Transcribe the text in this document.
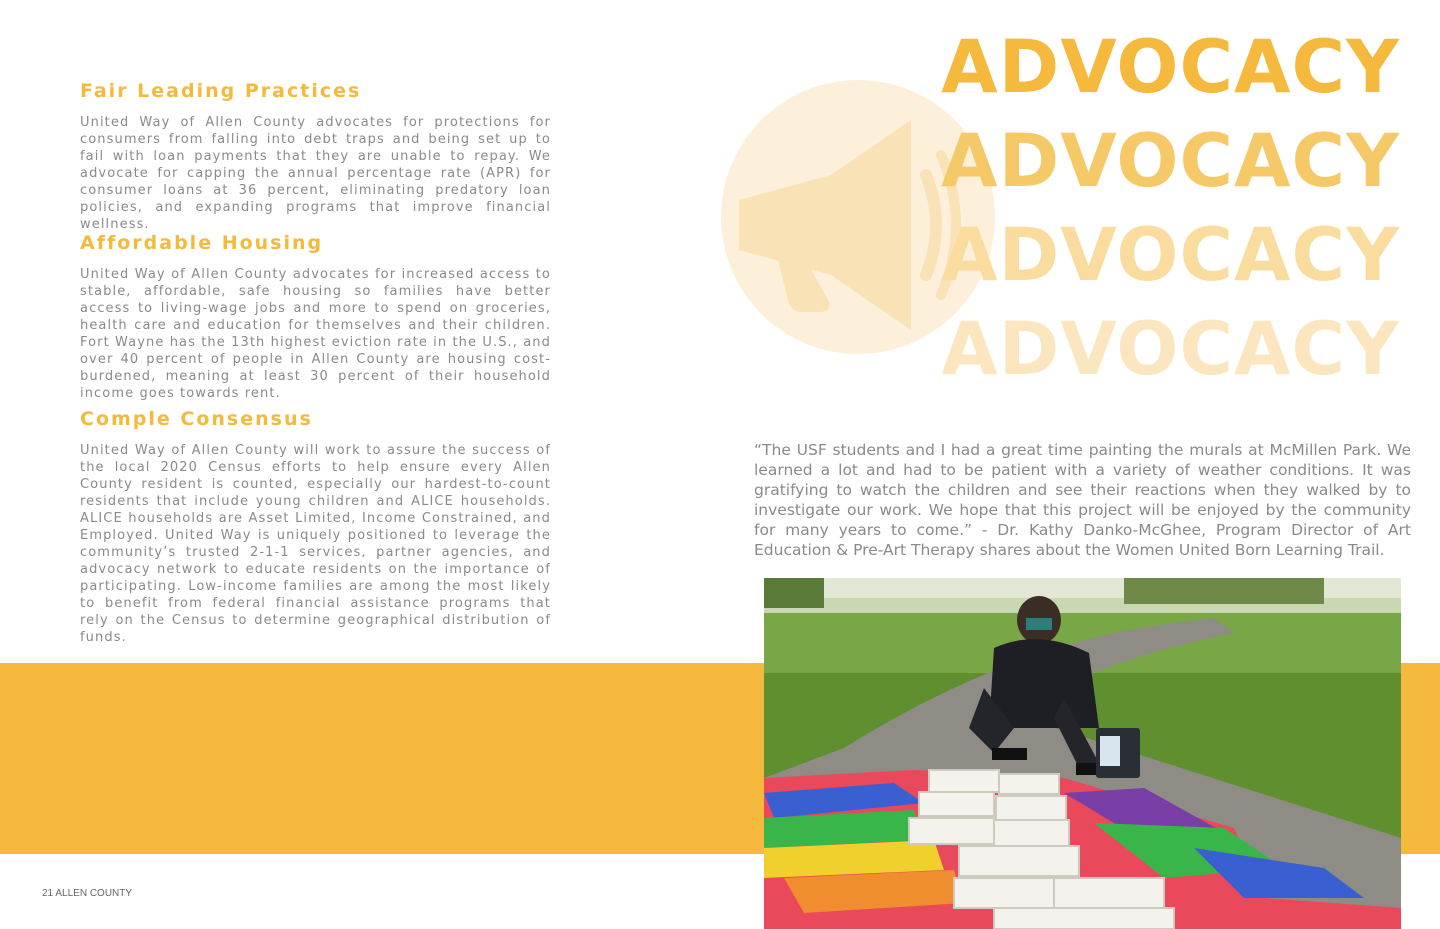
Fair Leading Practices

United Way of Allen County advocates for protections for consumers from falling into debt traps and being set up to fail with loan payments that they are unable to repay. We advocate for capping the annual percentage rate (APR) for consumer loans at 36 percent, eliminating predatory loan policies, and expanding programs that improve financial wellness.

Affordable Housing

United Way of Allen County advocates for increased access to stable, affordable, safe housing so families have better access to living-wage jobs and more to spend on groceries, health care and education for themselves and their children. Fort Wayne has the 13th highest eviction rate in the U.S., and over 40 percent of people in Allen County are housing cost-burdened, meaning at least 30 percent of their household income goes towards rent.

Comple Consensus

United Way of Allen County will work to assure the success of the local 2020 Census efforts to help ensure every Allen County resident is counted, especially our hardest-to-count residents that include young children and ALICE households. ALICE households are Asset Limited, Income Constrained, and Employed. United Way is uniquely positioned to leverage the community’s trusted 2-1-1 services, partner agencies, and advocacy network to educate residents on the importance of participating. Low-income families are among the most likely to benefit from federal financial assistance programs that rely on the Census to determine geographical distribution of funds.

ADVOCACY
ADVOCACY
ADVOCACY
ADVOCACY

“The USF students and I had a great time painting the murals at McMillen Park. We learned a lot and had to be patient with a variety of weather conditions. It was gratifying to watch the children and see their reactions when they walked by to investigate our work. We hope that this project will be enjoyed by the community for many years to come.” - Dr. Kathy Danko-McGhee, Program Director of Art Education & Pre-Art Therapy shares about the Women United Born Learning Trail.

21 ALLEN COUNTY
